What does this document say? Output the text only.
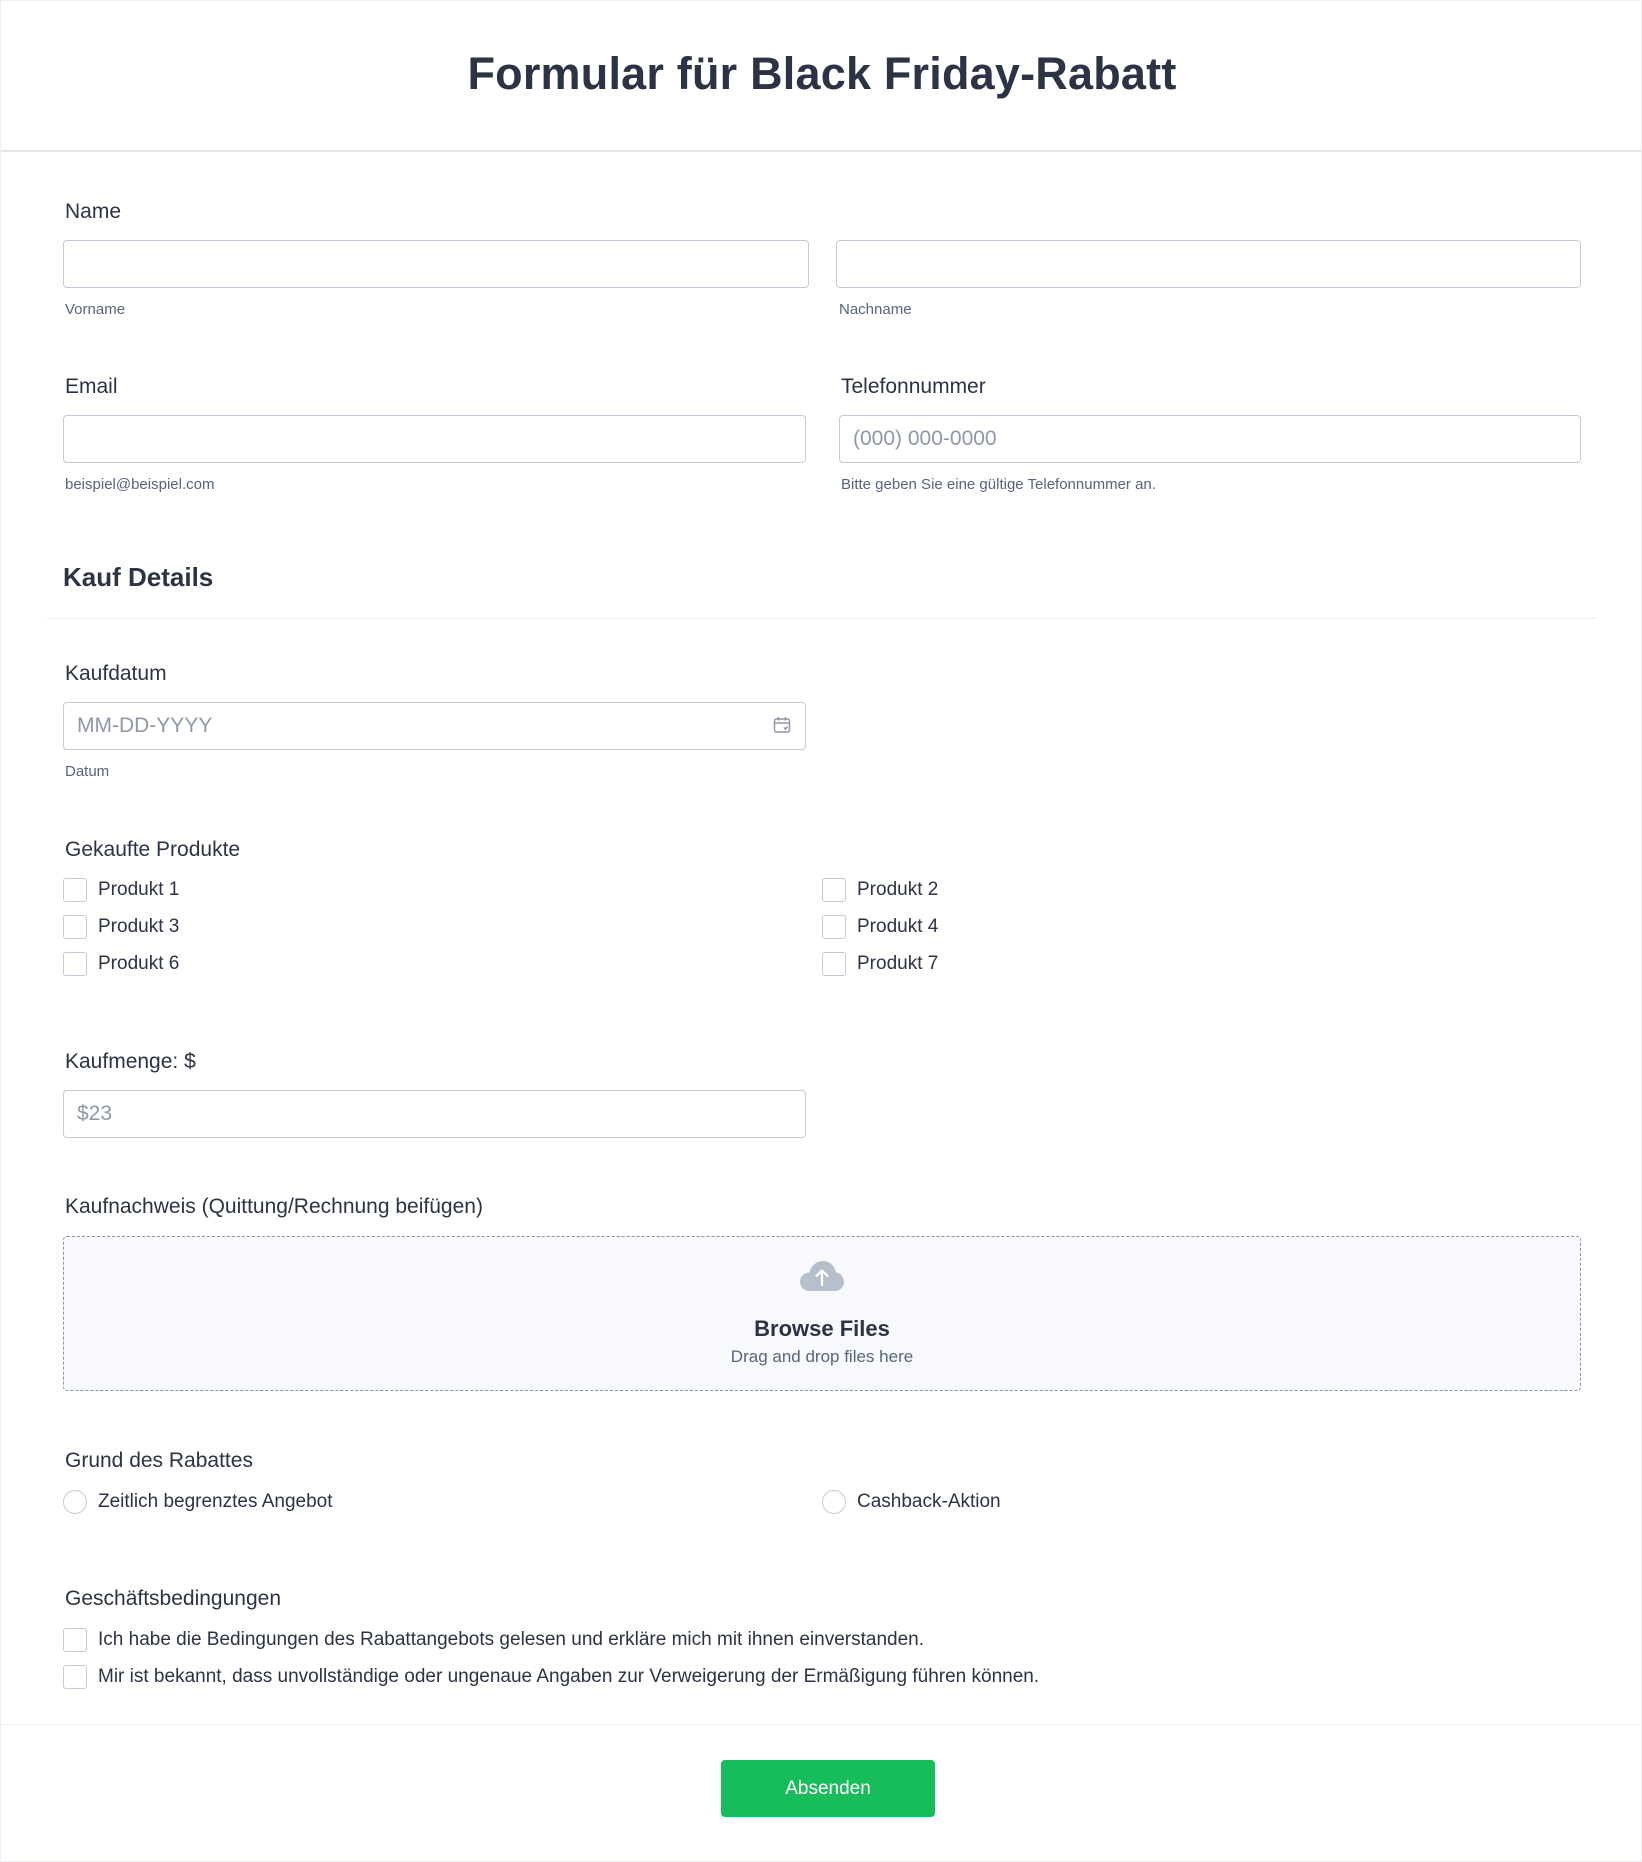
Formular für Black Friday-Rabatt
Name
Vorname	Nachname
Email
beispiel@beispiel.com
Telefonnummer
(000) 000-0000
Bitte geben Sie eine gültige Telefonnummer an.
Kauf Details
Kaufdatum
MM-DD-YYYY
Datum
Gekaufte Produkte
Produkt 1	Produkt 2
Produkt 3	Produkt 4
Produkt 6	Produkt 7
Kaufmenge: $
$23
Kaufnachweis (Quittung/Rechnung beifügen)
Browse Files
Drag and drop files here
Grund des Rabattes
Zeitlich begrenztes Angebot	Cashback-Aktion
Geschäftsbedingungen
Ich habe die Bedingungen des Rabattangebots gelesen und erkläre mich mit ihnen einverstanden.
Mir ist bekannt, dass unvollständige oder ungenaue Angaben zur Verweigerung der Ermäßigung führen können.
Absenden
